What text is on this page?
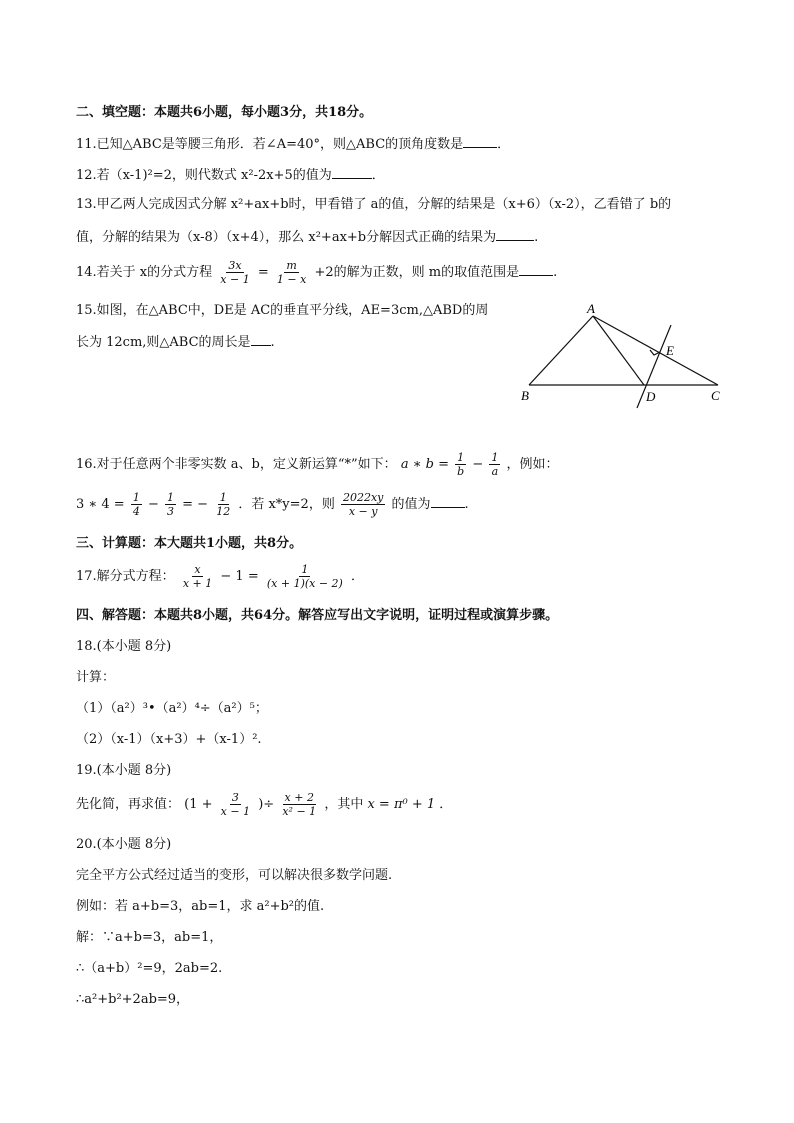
二、填空题：本题共6小题，每小题3分，共18分。
11.已知△ABC是等腰三角形．若∠A=40°，则△ABC的顶角度数是	．
12.若（x-1)²=2，则代数式 x²-2x+5的值为	．
13.甲乙两人完成因式分解 x²+ax+b时，甲看错了 a的值，分解的结果是（x+6）（x-2），乙看错了 b的
值，分解的结果为（x-8）（x+4），那么 x²+ax+b分解因式正确的结果为	.
14.若关于 x的分式方程 $\frac{3x}{x - 1} = \frac{m}{1 - x} +2$的解为正数，则 m的取值范围是	.
15.如图，在△ABC中，DE是 AC的垂直平分线，AE=3cm,△ABD的周
长为 12cm,则△ABC的周长是 .
A
B	C
D
E
16.对于任意两个非零实数 a、b，定义新运算“*”如下： a ∗ $b = \frac{1}{b} - \frac{1}{a}$ ，例如：
3 ∗ $4 = \frac{1}{4} - \frac{1}{3}$ = − $\frac{1}{12}$ ．若 x*y=2，则 $\frac{2022xy}{x - y}$ 的值为	.
三、计算题：本大题共1小题，共8分。
17.解分式方程： $\frac{x}{x + 1} - 1 = \frac{1}{(x + 1)(x - 2)}$ ．
四、解答题：本题共8小题，共64分。解答应写出文字说明，证明过程或演算步骤。
18.(本小题 8分)
计算：
（1）（a²）³•（a²）⁴÷（a²）⁵；
（2）（x-1）（x+3）+（x-1）².
19.(本小题 8分)
先化简，再求值： ($1 + \frac{3}{x - 1}$ )÷ $\frac{x + 2}{\text{x² − 1}}$ ，其中 x = π⁰ + 1 ．
20.(本小题 8分)
完全平方公式经过适当的变形，可以解决很多数学问题.
例如：若 a+b=3，ab=1，求 a²+b²的值.
解：∵a+b=3，ab=1，
∴（a+b）²=9，2ab=2.
∴a²+b²+2ab=9，
